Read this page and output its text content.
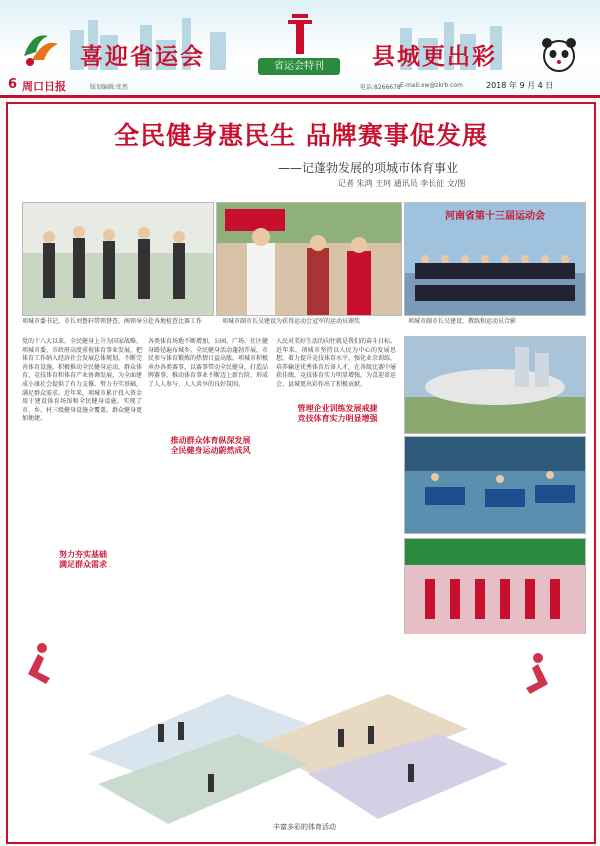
喜迎省运会	县城更出彩
省运会特刊
6 周口日报	版划编辑:张然	电话:8266678 E-mail:xw@zkrb.com	2018 年 9 月 4 日
全民健身惠民生 品牌赛事促发展
——记蓬勃发展的项城市体育事业
记者 朱鸿 王珂 通讯员 李长征 文/图
项城市委书记、市长刘鲁轩带领督查、阁领导分赴各地检查比赛工作	项城市副市长吴建设为获得运动会冠军的运动员颁奖
河南省第十三届运动会
项城市副市长吴建设、教练和运动员合影
党的十八大以来，全民健身上升为国家战略。项城市委、市政府高度重视体育事业发展，把体育工作纳入经济社会发展总体规划，不断完善体育设施，积极推动全民健身运动，群众体育、竞技体育和体育产业协调发展，为全面建成小康社会提供了有力支撑。努力夯实基础，满足群众需求。近年来，项城市累计投入资金用于建设体育场馆和全民健身设施，实现了市、乡、村三级健身设施全覆盖，群众健身更加便捷。
努力夯实基础
满足群众需求
各类体育场地不断增加，公园、广场、社区健身路径遍布城乡，全民健身活动蓬勃开展，市民参与体育锻炼的热情日益高涨。项城市积极承办各类赛事，以赛事带动全民健身，打造品牌赛事，推动体育事业不断迈上新台阶，形成了人人参与、人人共享的良好氛围。
推动群众体育纵深发展
全民健身运动蔚然成风
人民对美好生活的向往就是我们的奋斗目标。近年来，项城市坚持以人民为中心的发展思想，着力提升竞技体育水平，强化业余训练，培养输送优秀体育后备人才，在各级比赛中屡获佳绩，竞技体育实力明显增强，为喜迎省运会、县城更出彩作出了积极贡献。
管理企业训练发展戒捷
竞技体育实力明显增强
丰富多彩的体育活动
